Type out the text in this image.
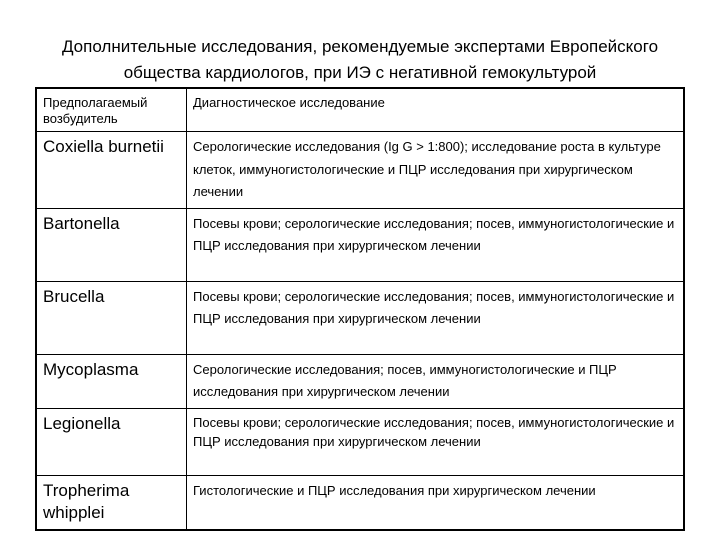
Дополнительные исследования, рекомендуемые экспертами Европейского
общества кардиологов, при ИЭ с негативной гемокультурой
Предполагаемый возбудитель	Диагностическое исследование
Coxiella burnetii	Серологические исследования (Ig G > 1:800); исследование роста в культуре клеток, иммуногистологические и ПЦР исследования при хирургическом лечении
Bartonella	Посевы крови; серологические исследования; посев, иммуногистологические и ПЦР исследования при хирургическом лечении
Brucella	Посевы крови; серологические исследования; посев, иммуногистологические и ПЦР исследования при хирургическом лечении
Mycoplasma	Серологические исследования; посев, иммуногистологические и ПЦР исследования при хирургическом лечении
Legionella	Посевы крови; серологические исследования; посев, иммуногистологические и ПЦР исследования при хирургическом лечении
Tropherima whipplei	Гистологические и ПЦР исследования при хирургическом лечении
